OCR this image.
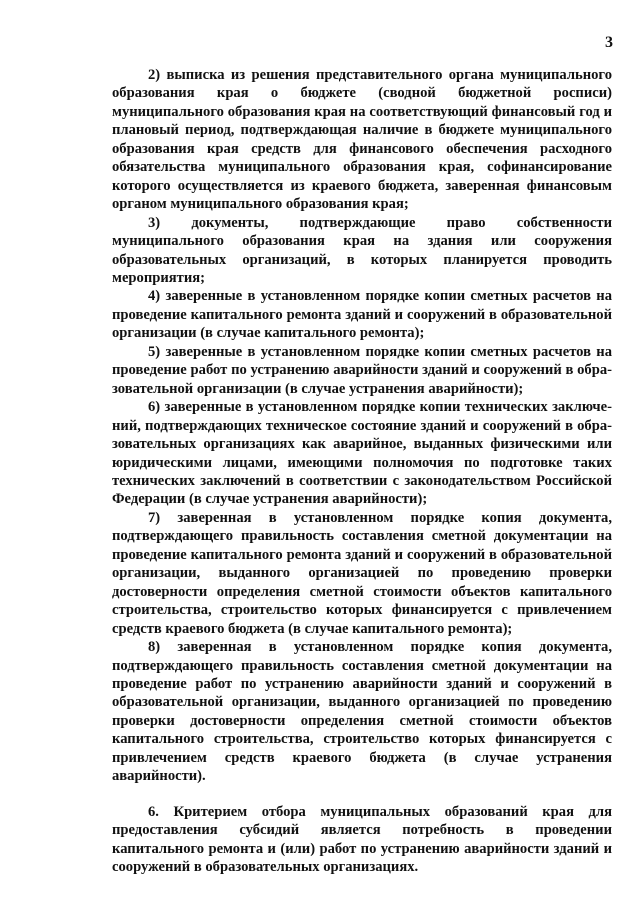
3

2) выписка из решения представительного органа муниципального образования края о бюджете (сводной бюджетной росписи) муниципального образования края на соответствующий финансовый год и плановый период, подтверждающая наличие в бюджете муниципального образования края средств для финансового обеспечения расходного обязательства муниципального образования края, софинансирование которого осуществляется из краевого бюджета, заверенная финансовым органом муниципального образования края;

3) документы, подтверждающие право собственности муниципального образования края на здания или сооружения образовательных организаций, в которых планируется проводить мероприятия;

4) заверенные в установленном порядке копии сметных расчетов на проведение капитального ремонта зданий и сооружений в образовательной организации (в случае капитального ремонта);

5) заверенные в установленном порядке копии сметных расчетов на проведение работ по устранению аварийности зданий и сооружений в образовательной организации (в случае устранения аварийности);

6) заверенные в установленном порядке копии технических заключений, подтверждающих техническое состояние зданий и сооружений в образовательных организациях как аварийное, выданных физическими или юридическими лицами, имеющими полномочия по подготовке таких технических заключений в соответствии с законодательством Российской Федерации (в случае устранения аварийности);

7) заверенная в установленном порядке копия документа, подтверждающего правильность составления сметной документации на проведение капитального ремонта зданий и сооружений в образовательной организации, выданного организацией по проведению проверки достоверности определения сметной стоимости объектов капитального строительства, строительство которых финансируется с привлечением средств краевого бюджета (в случае капитального ремонта);

8) заверенная в установленном порядке копия документа, подтверждающего правильность составления сметной документации на проведение работ по устранению аварийности зданий и сооружений в образовательной организации, выданного организацией по проведению проверки достоверности определения сметной стоимости объектов капитального строительства, строительство которых финансируется с привлечением средств краевого бюджета (в случае устранения аварийности).

6. Критерием отбора муниципальных образований края для предоставления субсидий является потребность в проведении капитального ремонта и (или) работ по устранению аварийности зданий и сооружений в образовательных организациях.
